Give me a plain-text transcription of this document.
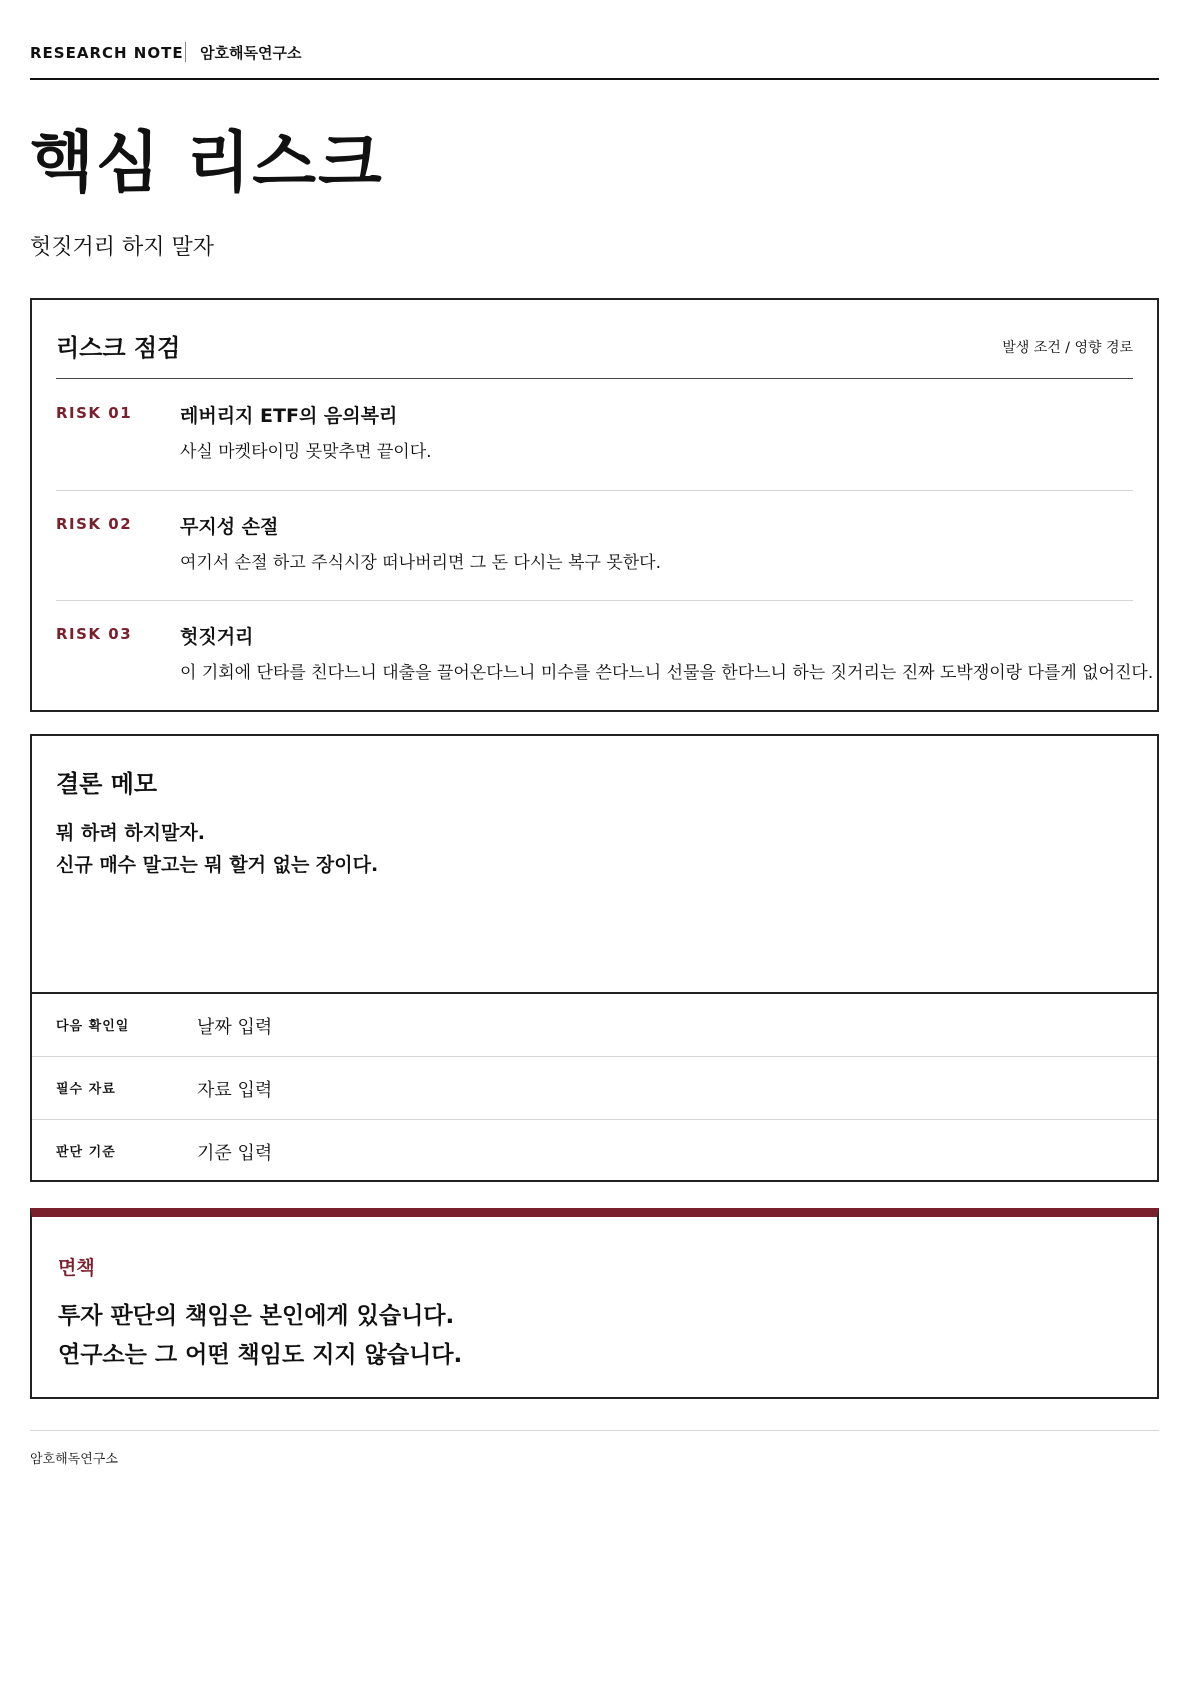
RESEARCH NOTE 암호해독연구소
핵심 리스크
헛짓거리 하지 말자
리스크 점검	발생 조건 / 영향 경로
RISK 01	레버리지 ETF의 음의복리
사실 마켓타이밍 못맞추면 끝이다.
RISK 02	무지성 손절
여기서 손절 하고 주식시장 떠나버리면 그 돈 다시는 복구 못한다.
RISK 03	헛짓거리
이 기회에 단타를 친다느니 대출을 끌어온다느니 미수를 쓴다느니 선물을 한다느니 하는 짓거리는 진짜 도박쟁이랑 다를게 없어진다.
결론 메모
뭐 하려 하지말자.
신규 매수 말고는 뭐 할거 없는 장이다.
다음 확인일	날짜 입력
필수 자료	자료 입력
판단 기준	기준 입력
면책
투자 판단의 책임은 본인에게 있습니다.
연구소는 그 어떤 책임도 지지 않습니다.
암호해독연구소
